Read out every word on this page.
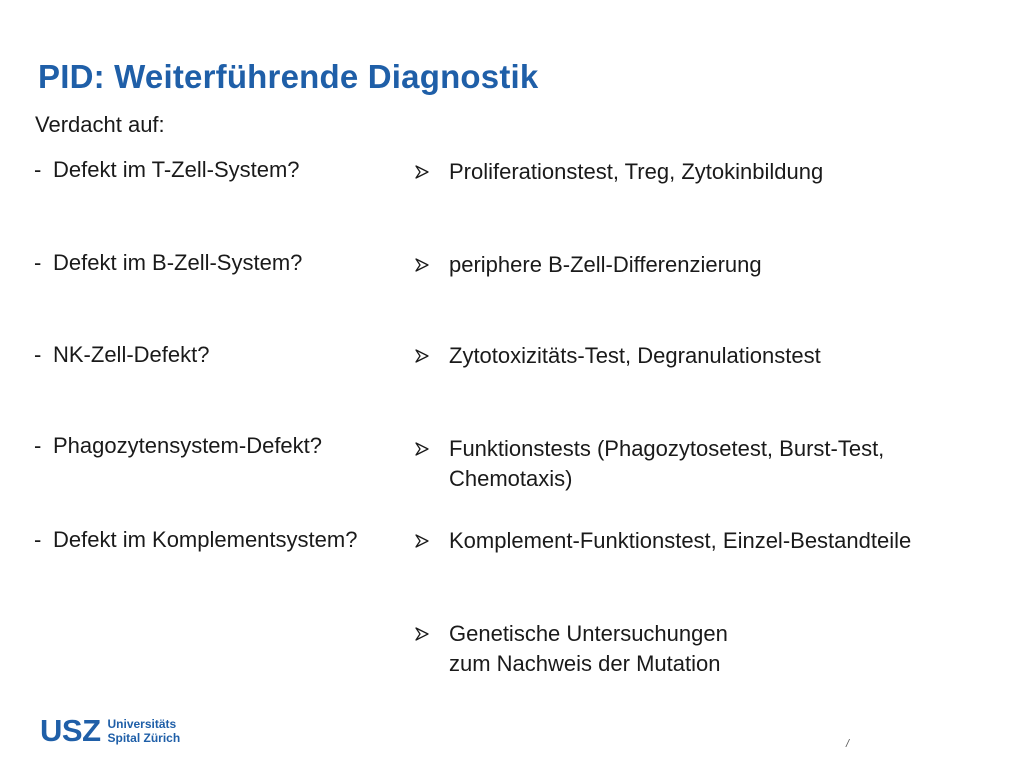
PID: Weiterführende Diagnostik
Verdacht auf:
- Defekt im T-Zell-System?
- Defekt im B-Zell-System?
- NK-Zell-Defekt?
- Phagozytensystem-Defekt?
- Defekt im Komplementsystem?
Proliferationstest, Treg, Zytokinbildung
periphere B-Zell-Differenzierung
Zytotoxizitäts-Test, Degranulationstest
Funktionstests (Phagozytosetest, Burst-Test,
Chemotaxis)
Komplement-Funktionstest, Einzel-Bestandteile
Genetische Untersuchungen
zum Nachweis der Mutation
USZ Universitäts
Spital Zürich	/
